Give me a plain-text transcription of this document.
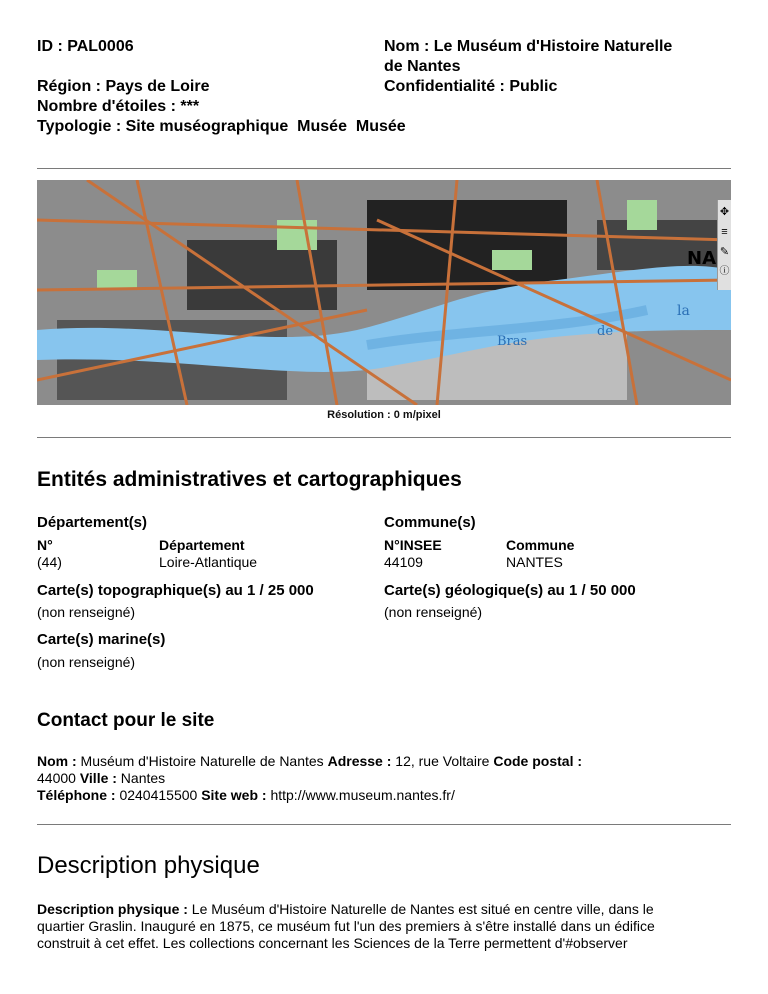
ID : PAL0006
Région : Pays de Loire
Nombre d'étoiles : ***
Typologie : Site muséographique  Musée  Musée
Nom : Le Muséum d'Histoire Naturelle
de Nantes
Confidentialité : Public
la
de
Bras
NA
✥
≡
✎
ⓘ
Résolution : 0 m/pixel
Entités administratives et cartographiques
Département(s)
N°	Département
(44)	Loire-Atlantique
Commune(s)
N°INSEE	Commune
44109	NANTES
Carte(s) topographique(s) au 1 / 25 000
(non renseigné)
Carte(s) géologique(s) au 1 / 50 000
(non renseigné)
Carte(s) marine(s)
(non renseigné)
Contact pour le site
Nom : Muséum d'Histoire Naturelle de Nantes Adresse : 12, rue Voltaire Code postal :
44000 Ville : Nantes
Téléphone : 0240415500 Site web : http://www.museum.nantes.fr/
Description physique
Description physique : Le Muséum d'Histoire Naturelle de Nantes est situé en centre ville, dans le
quartier Graslin. Inauguré en 1875, ce muséum fut l'un des premiers à s'être installé dans un édifice
construit à cet effet. Les collections concernant les Sciences de la Terre permettent d'#observer
